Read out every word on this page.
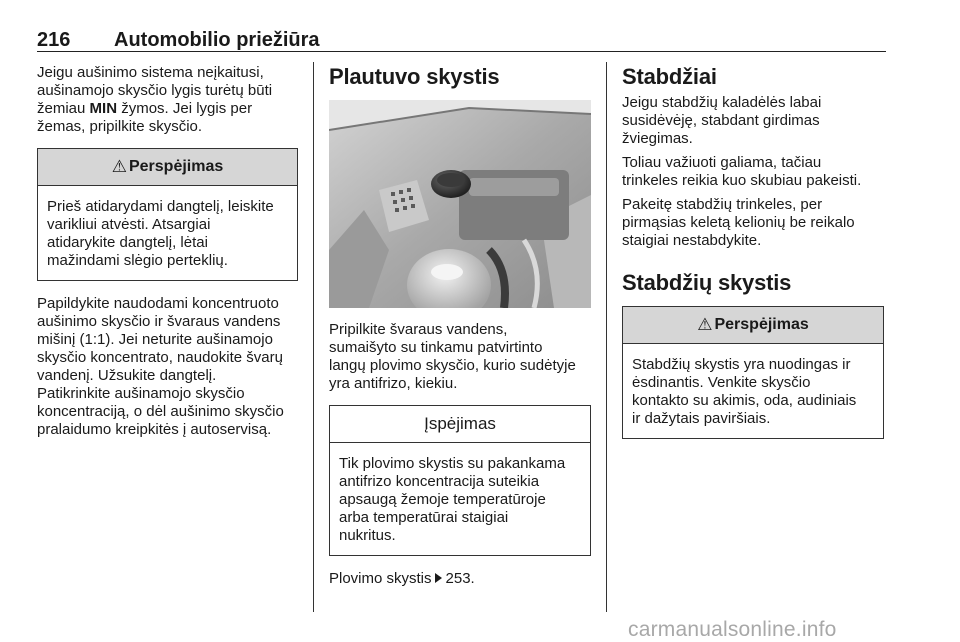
216 Automobilio priežiūra

Jeigu aušinimo sistema neįkaitusi,
aušinamojo skysčio lygis turėtų būti
žemiau MIN žymos. Jei lygis per
žemas, pripilkite skysčio.

⚠ Perspėjimas
Prieš atidarydami dangtelį, leiskite
varikliui atvėsti. Atsargiai
atidarykite dangtelį, lėtai
mažindami slėgio perteklių.

Papildykite naudodami koncentruoto
aušinimo skysčio ir švaraus vandens
mišinį (1:1). Jei neturite aušinamojo
skysčio koncentrato, naudokite švarų
vandenį. Užsukite dangtelį.
Patikrinkite aušinamojo skysčio
koncentraciją, o dėl aušinimo skysčio
pralaidumo kreipkitės į autoservisą.

Plautuvo skystis

Pripilkite švaraus vandens,
sumaišyto su tinkamu patvirtinto
langų plovimo skysčio, kurio sudėtyje
yra antifrizo, kiekiu.

Įspėjimas
Tik plovimo skystis su pakankama
antifrizo koncentracija suteikia
apsaugą žemoje temperatūroje
arba temperatūrai staigiai
nukritus.

Plovimo skystis 253.

Stabdžiai

Jeigu stabdžių kaladėlės labai
susidėvėję, stabdant girdimas
žviegimas.

Toliau važiuoti galiama, tačiau
trinkeles reikia kuo skubiau pakeisti.

Pakeitę stabdžių trinkeles, per
pirmąsias keletą kelionių be reikalo
staigiai nestabdykite.

Stabdžių skystis
⚠ Perspėjimas
Stabdžių skystis yra nuodingas ir
ėsdinantis. Venkite skysčio
kontakto su akimis, oda, audiniais
ir dažytais paviršiais.
carmanualsonline.info
